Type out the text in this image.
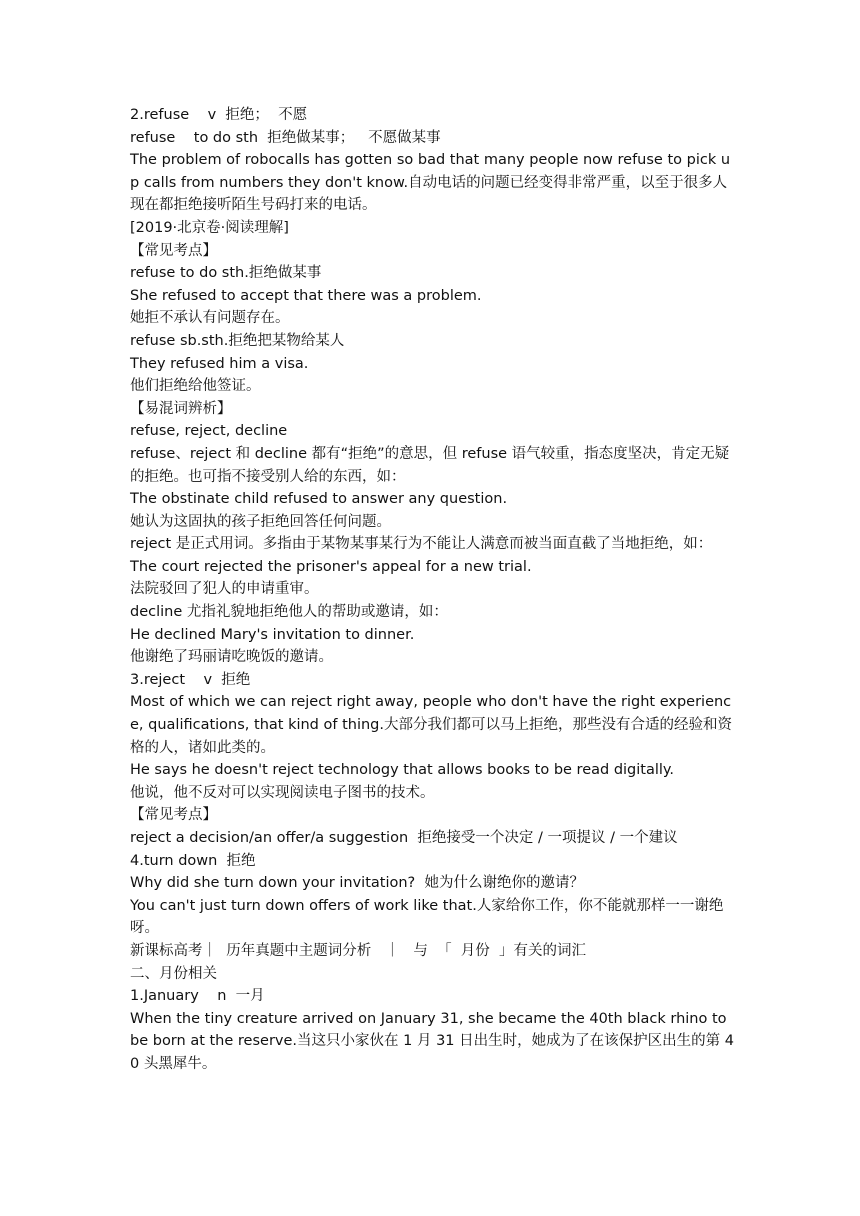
2.refuse    v  拒绝；  不愿

refuse    to do sth  拒绝做某事；   不愿做某事

The problem of robocalls has gotten so bad that many people now refuse to pick up calls from numbers they don't know.自动电话的问题已经变得非常严重，以至于很多人现在都拒绝接听陌生号码打来的电话。

[2019·北京卷·阅读理解]

【常见考点】

refuse to do sth.拒绝做某事

She refused to accept that there was a problem.

她拒不承认有问题存在。

refuse sb.sth.拒绝把某物给某人

They refused him a visa.

他们拒绝给他签证。

【易混词辨析】

refuse, reject, decline

refuse、reject 和 decline 都有“拒绝”的意思，但 refuse 语气较重，指态度坚决，肯定无疑的拒绝。也可指不接受别人给的东西，如：

The obstinate child refused to answer any question.

她认为这固执的孩子拒绝回答任何问题。

reject 是正式用词。多指由于某物某事某行为不能让人满意而被当面直截了当地拒绝，如：

The court rejected the prisoner's appeal for a new trial.

法院驳回了犯人的申请重审。

decline 尤指礼貌地拒绝他人的帮助或邀请，如：

He declined Mary's invitation to dinner.

他谢绝了玛丽请吃晚饭的邀请。

3.reject    v  拒绝

Most of which we can reject right away, people who don't have the right experience, qualifications, that kind of thing.大部分我们都可以马上拒绝，那些没有合适的经验和资格的人，诸如此类的。

He says he doesn't reject technology that allows books to be read digitally.

他说，他不反对可以实现阅读电子图书的技术。

【常见考点】

reject a decision/an offer/a suggestion  拒绝接受一个决定 / 一项提议 / 一个建议

4.turn down  拒绝

Why did she turn down your invitation?  她为什么谢绝你的邀请？

You can't just turn down offers of work like that.人家给你工作，你不能就那样一一谢绝呀。

新课标高考｜  历年真题中主题词分析   ｜   与  「  月份  」有关的词汇

二、月份相关

1.January    n  一月

When the tiny creature arrived on January 31, she became the 40th black rhino to be born at the reserve.当这只小家伙在 1 月 31 日出生时，她成为了在该保护区出生的第 40 头黑犀牛。
